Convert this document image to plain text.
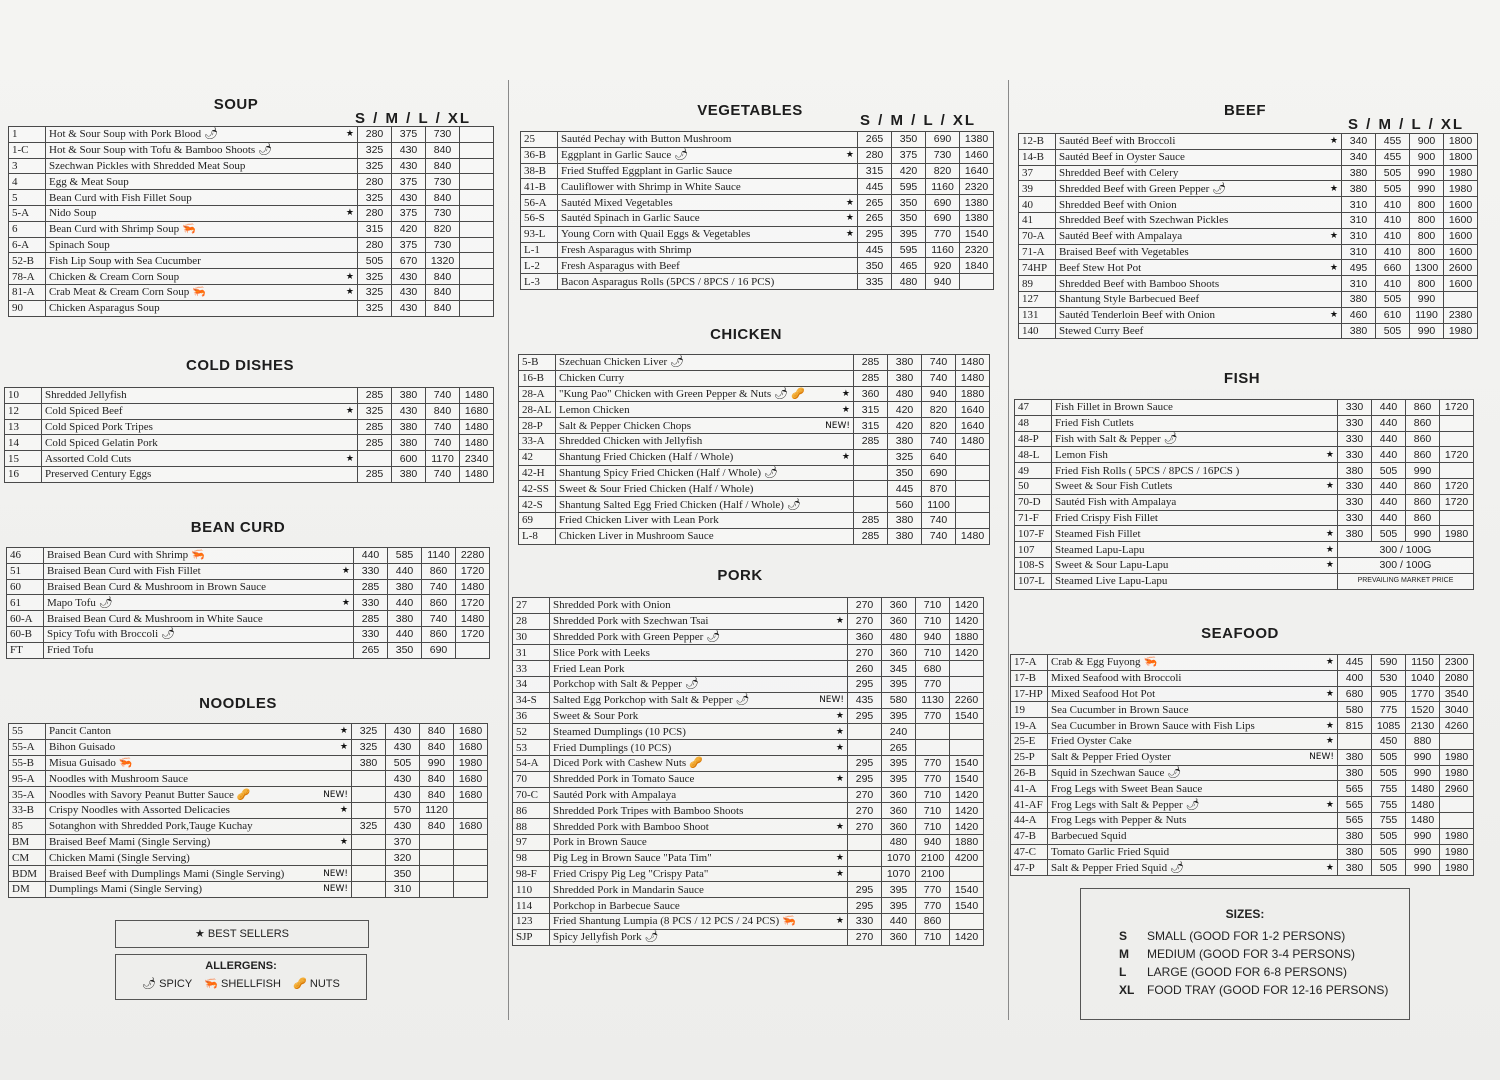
SOUP
S / M / L / XL
1	Hot & Sour Soup with Pork Blood 🌶 ★	280	375	730	
1-C	Hot & Sour Soup with Tofu & Bamboo Shoots 🌶	325	430	840	
3	Szechwan Pickles with Shredded Meat Soup	325	430	840	
4	Egg & Meat Soup	280	375	730	
5	Bean Curd with Fish Fillet Soup	325	430	840	
5-A	Nido Soup ★	280	375	730	
6	Bean Curd with Shrimp Soup 🦐	315	420	820	
6-A	Spinach Soup	280	375	730	
52-B	Fish Lip Soup with Sea Cucumber	505	670	1320	
78-A	Chicken & Cream Corn Soup ★	325	430	840	
81-A	Crab Meat & Cream Corn Soup 🦐 ★	325	430	840	
90	Chicken Asparagus Soup	325	430	840	
COLD DISHES
10	Shredded Jellyfish	285	380	740	1480
12	Cold Spiced Beef ★	325	430	840	1680
13	Cold Spiced Pork Tripes	285	380	740	1480
14	Cold Spiced Gelatin Pork	285	380	740	1480
15	Assorted Cold Cuts ★		600	1170	2340
16	Preserved Century Eggs	285	380	740	1480
BEAN CURD
46	Braised Bean Curd with Shrimp 🦐	440	585	1140	2280
51	Braised Bean Curd with Fish Fillet ★	330	440	860	1720
60	Braised Bean Curd & Mushroom in Brown Sauce	285	380	740	1480
61	Mapo Tofu 🌶 ★	330	440	860	1720
60-A	Braised Bean Curd & Mushroom in White Sauce	285	380	740	1480
60-B	Spicy Tofu with Broccoli 🌶	330	440	860	1720
FT	Fried Tofu	265	350	690	
NOODLES
55	Pancit Canton ★	325	430	840	1680
55-A	Bihon Guisado ★	325	430	840	1680
55-B	Misua Guisado 🦐	380	505	990	1980
95-A	Noodles with Mushroom Sauce		430	840	1680
35-A	Noodles with Savory Peanut Butter Sauce 🥜 NEW!		430	840	1680
33-B	Crispy Noodles with Assorted Delicacies ★		570	1120	
85	Sotanghon with Shredded Pork,Tauge Kuchay	325	430	840	1680
BM	Braised Beef Mami (Single Serving) ★		370		
CM	Chicken Mami (Single Serving)		320		
BDM	Braised Beef with Dumplings Mami (Single Serving) NEW!		350		
DM	Dumplings Mami (Single Serving) NEW!		310		
★ BEST SELLERS
ALLERGENS:
🌶 SPICY 🦐 SHELLFISH 🥜 NUTS
VEGETABLES
S / M / L / XL
25	Sautéd Pechay with Button Mushroom	265	350	690	1380
36-B	Eggplant in Garlic Sauce 🌶 ★	280	375	730	1460
38-B	Fried Stuffed Eggplant in Garlic Sauce	315	420	820	1640
41-B	Cauliflower with Shrimp in White Sauce	445	595	1160	2320
56-A	Sautéd Mixed Vegetables ★	265	350	690	1380
56-S	Sautéd Spinach in Garlic Sauce ★	265	350	690	1380
93-L	Young Corn with Quail Eggs & Vegetables ★	295	395	770	1540
L-1	Fresh Asparagus with Shrimp	445	595	1160	2320
L-2	Fresh Asparagus with Beef	350	465	920	1840
L-3	Bacon Asparagus Rolls (5PCS / 8PCS / 16 PCS)	335	480	940	
CHICKEN
5-B	Szechuan Chicken Liver 🌶	285	380	740	1480
16-B	Chicken Curry	285	380	740	1480
28-A	"Kung Pao" Chicken with Green Pepper & Nuts 🌶 🥜 ★	360	480	940	1880
28-AL	Lemon Chicken ★	315	420	820	1640
28-P	Salt & Pepper Chicken Chops NEW!	315	420	820	1640
33-A	Shredded Chicken with Jellyfish	285	380	740	1480
42	Shantung Fried Chicken (Half / Whole) ★		325	640	
42-H	Shantung Spicy Fried Chicken (Half / Whole) 🌶		350	690	
42-SS	Sweet & Sour Fried Chicken (Half / Whole)		445	870	
42-S	Shantung Salted Egg Fried Chicken (Half / Whole) 🌶		560	1100	
69	Fried Chicken Liver with Lean Pork	285	380	740	
L-8	Chicken Liver in Mushroom Sauce	285	380	740	1480
PORK
27	Shredded Pork with Onion	270	360	710	1420
28	Shredded Pork with Szechwan Tsai ★	270	360	710	1420
30	Shredded Pork with Green Pepper 🌶	360	480	940	1880
31	Slice Pork with Leeks	270	360	710	1420
33	Fried Lean Pork	260	345	680	
34	Porkchop with Salt & Pepper 🌶	295	395	770	
34-S	Salted Egg Porkchop with Salt & Pepper 🌶 NEW!	435	580	1130	2260
36	Sweet & Sour Pork ★	295	395	770	1540
52	Steamed Dumplings (10 PCS) ★		240		
53	Fried Dumplings (10 PCS) ★		265		
54-A	Diced Pork with Cashew Nuts 🥜	295	395	770	1540
70	Shredded Pork in Tomato Sauce ★	295	395	770	1540
70-C	Sautéd Pork with Ampalaya	270	360	710	1420
86	Shredded Pork Tripes with Bamboo Shoots	270	360	710	1420
88	Shredded Pork with Bamboo Shoot ★	270	360	710	1420
97	Pork in Brown Sauce		480	940	1880
98	Pig Leg in Brown Sauce "Pata Tim" ★		1070	2100	4200
98-F	Fried Crispy Pig Leg "Crispy Pata" ★		1070	2100	
110	Shredded Pork in Mandarin Sauce	295	395	770	1540
114	Porkchop in Barbecue Sauce	295	395	770	1540
123	Fried Shantung Lumpia (8 PCS / 12 PCS / 24 PCS) 🦐 ★	330	440	860	
SJP	Spicy Jellyfish Pork 🌶	270	360	710	1420
BEEF
S / M / L / XL
12-B	Sautéd Beef with Broccoli ★	340	455	900	1800
14-B	Sautéd Beef in Oyster Sauce	340	455	900	1800
37	Shredded Beef with Celery	380	505	990	1980
39	Shredded Beef with Green Pepper 🌶 ★	380	505	990	1980
40	Shredded Beef with Onion	310	410	800	1600
41	Shredded Beef with Szechwan Pickles	310	410	800	1600
70-A	Sautéd Beef with Ampalaya ★	310	410	800	1600
71-A	Braised Beef with Vegetables	310	410	800	1600
74HP	Beef Stew Hot Pot ★	495	660	1300	2600
89	Shredded Beef with Bamboo Shoots	310	410	800	1600
127	Shantung Style Barbecued Beef	380	505	990	
131	Sautéd Tenderloin Beef with Onion ★	460	610	1190	2380
140	Stewed Curry Beef	380	505	990	1980
FISH
47	Fish Fillet in Brown Sauce	330	440	860	1720
48	Fried Fish Cutlets	330	440	860	
48-P	Fish with Salt & Pepper 🌶	330	440	860	
48-L	Lemon Fish ★	330	440	860	1720
49	Fried Fish Rolls ( 5PCS / 8PCS / 16PCS )	380	505	990	
50	Sweet & Sour Fish Cutlets ★	330	440	860	1720
70-D	Sautéd Fish with Ampalaya	330	440	860	1720
71-F	Fried Crispy Fish Fillet	330	440	860	
107-F	Steamed Fish Fillet ★	380	505	990	1980
107	Steamed Lapu-Lapu ★	300 / 100G			
108-S	Sweet & Sour Lapu-Lapu ★	300 / 100G			
107-L	Steamed Live Lapu-Lapu	PREVAILING MARKET PRICE			
SEAFOOD
17-A	Crab & Egg Fuyong 🦐 ★	445	590	1150	2300
17-B	Mixed Seafood with Broccoli	400	530	1040	2080
17-HP	Mixed Seafood Hot Pot ★	680	905	1770	3540
19	Sea Cucumber in Brown Sauce	580	775	1520	3040
19-A	Sea Cucumber in Brown Sauce with Fish Lips ★	815	1085	2130	4260
25-E	Fried Oyster Cake ★		450	880	
25-P	Salt & Pepper Fried Oyster NEW!	380	505	990	1980
26-B	Squid in Szechwan Sauce 🌶	380	505	990	1980
41-A	Frog Legs with Sweet Bean Sauce	565	755	1480	2960
41-AF	Frog Legs with Salt & Pepper 🌶 ★	565	755	1480	
44-A	Frog Legs with Pepper & Nuts	565	755	1480	
47-B	Barbecued Squid	380	505	990	1980
47-C	Tomato Garlic Fried Squid	380	505	990	1980
47-P	Salt & Pepper Fried Squid 🌶 ★	380	505	990	1980
SIZES:
S	SMALL (GOOD FOR 1-2 PERSONS)
M	MEDIUM (GOOD FOR 3-4 PERSONS)
L	LARGE (GOOD FOR 6-8 PERSONS)
XL	FOOD TRAY (GOOD FOR 12-16 PERSONS)
